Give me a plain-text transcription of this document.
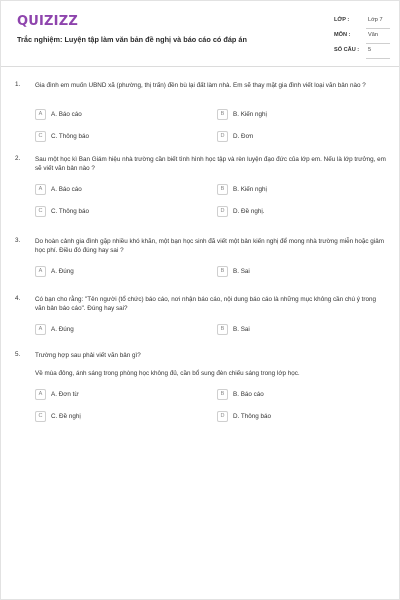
QUIZIZZ
Trắc nghiệm: Luyện tập làm văn bản đề nghị và báo cáo có đáp án
LỚP :	Lớp 7
MÔN :	Văn
SỐ CÂU : 5
1. Gia đình em muốn UBND xã (phường, thị trấn) đền bù lại đất làm nhà. Em sẽ thay mặt gia đình viết loại văn bản nào ?
A	A. Báo cáo	B	B. Kiến nghị
C	C. Thông báo	D	D. Đơn
2. Sau một học kì Ban Giám hiệu nhà trường cần biết tình hình học tập và rèn luyện đạo đức của lớp em. Nếu là lớp trưởng, em sẽ viết văn bản nào ?
A	A. Báo cáo	B	B. Kiến nghị
C	C. Thông báo	D	D. Đề nghị.
3. Do hoàn cảnh gia đình gặp nhiều khó khăn, một bạn học sinh đã viết một bản kiến nghị để mong nhà trường miễn hoặc giảm học phí. Điều đó đúng hay sai ?
A	A. Đúng	B	B. Sai
4. Có bạn cho rằng: "Tên người (tổ chức) báo cáo, nơi nhận báo cáo, nội dung báo cáo là những mục không cần chú ý trong văn bản báo cáo". Đúng hay sai?
A	A. Đúng	B	B. Sai
5. Trường hợp sau phải viết văn bản gì?
Về mùa đông, ánh sáng trong phòng học không đủ, cần bổ sung đèn chiếu sáng trong lớp học.
A	A. Đơn từ	B	B. Báo cáo
C	C. Đề nghị	D	D. Thông báo
